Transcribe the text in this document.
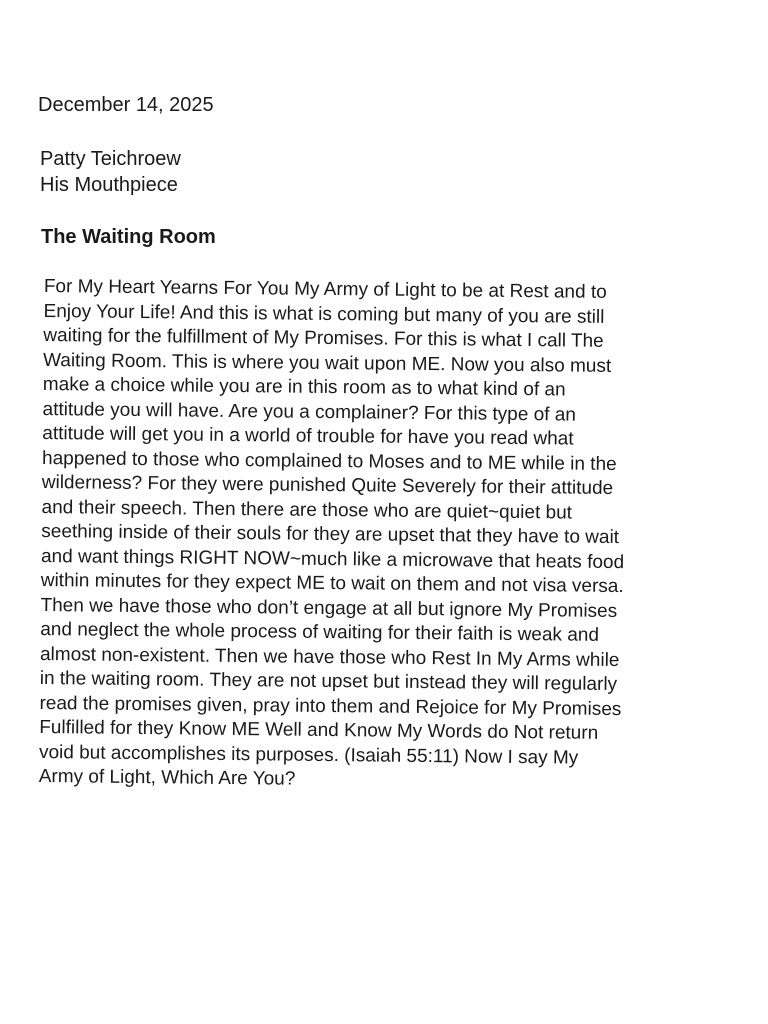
December 14, 2025
Patty Teichroew
His Mouthpiece
The Waiting Room
For My Heart Yearns For You My Army of Light to be at Rest and to
Enjoy Your Life! And this is what is coming but many of you are still
waiting for the fulfillment of My Promises. For this is what I call The
Waiting Room. This is where you wait upon ME. Now you also must
make a choice while you are in this room as to what kind of an
attitude you will have. Are you a complainer? For this type of an
attitude will get you in a world of trouble for have you read what
happened to those who complained to Moses and to ME while in the
wilderness? For they were punished Quite Severely for their attitude
and their speech. Then there are those who are quiet~quiet but
seething inside of their souls for they are upset that they have to wait
and want things RIGHT NOW~much like a microwave that heats food
within minutes for they expect ME to wait on them and not visa versa.
Then we have those who don’t engage at all but ignore My Promises
and neglect the whole process of waiting for their faith is weak and
almost non-existent. Then we have those who Rest In My Arms while
in the waiting room. They are not upset but instead they will regularly
read the promises given, pray into them and Rejoice for My Promises
Fulfilled for they Know ME Well and Know My Words do Not return
void but accomplishes its purposes. (Isaiah 55:11) Now I say My
Army of Light, Which Are You?
